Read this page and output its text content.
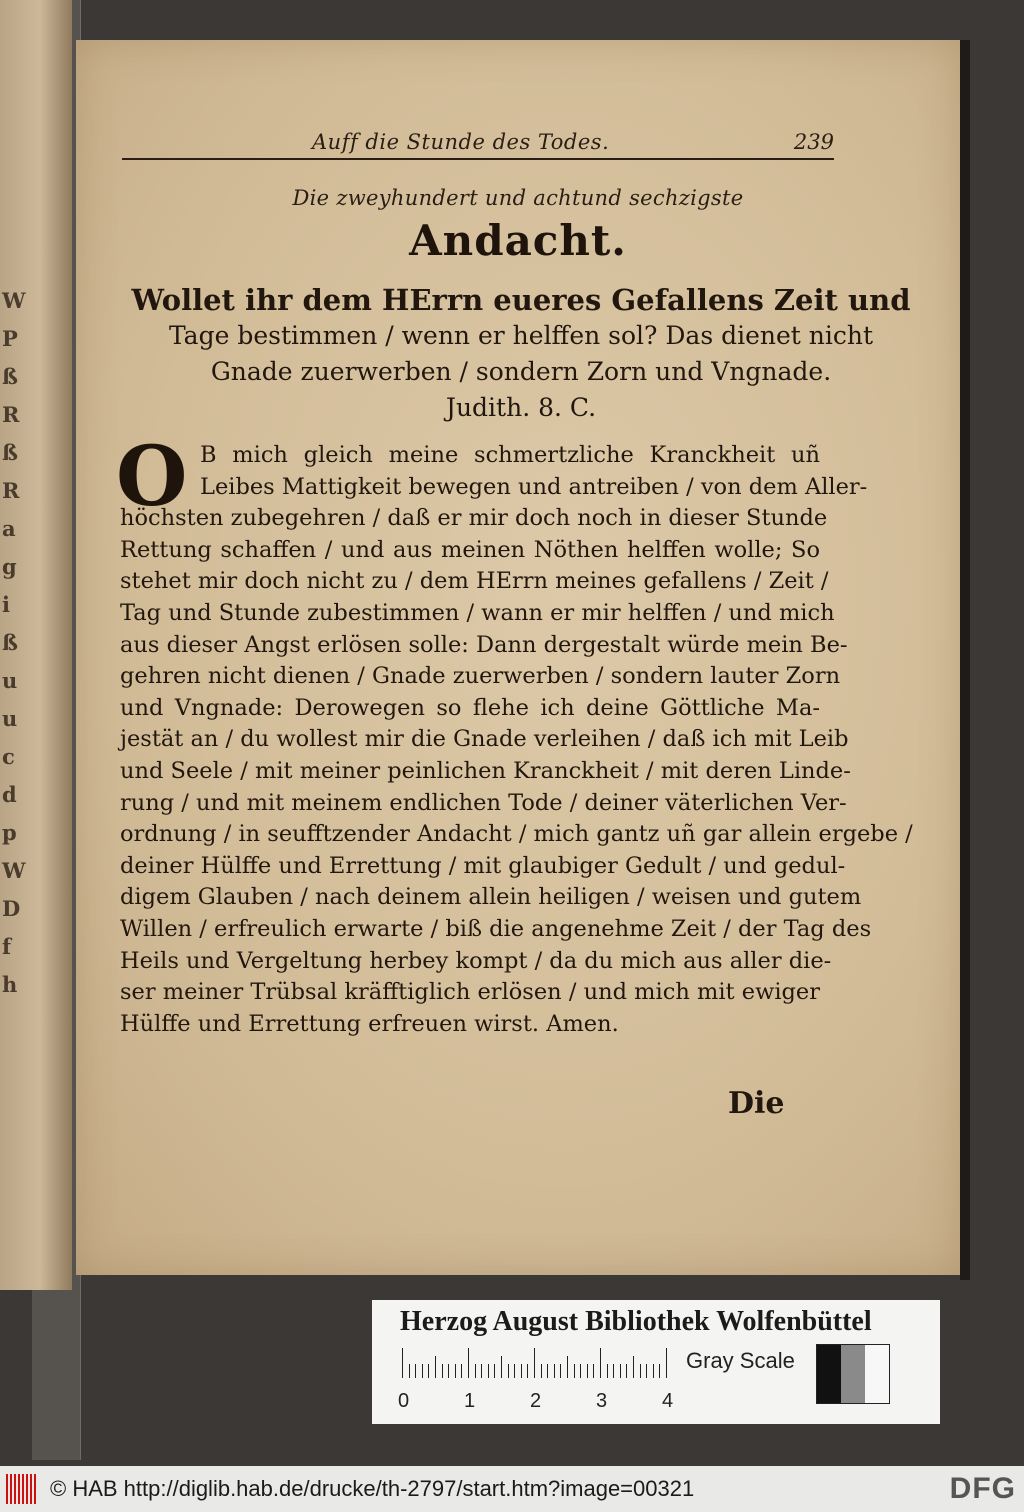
W
P
ß
R
ß
R
a
g
i
ß
u
u
c
d
p
W
D
f
h
Auff die Stunde des Todes.	239
Die zweyhundert und achtund sechzigste
Andacht.
Wollet ihr dem HErrn eueres Gefallens Zeit und
Tage bestimmen / wenn er helffen sol? Das dienet nicht
Gnade zuerwerben / sondern Zorn und Vngnade.
Judith. 8. C.
O B mich gleich meine schmertzliche Kranckheit uñ
Leibes Mattigkeit bewegen und antreiben / von dem Aller-
höchsten zubegehren / daß er mir doch noch in dieser Stunde
Rettung schaffen / und aus meinen Nöthen helffen wolle; So
stehet mir doch nicht zu / dem HErrn meines gefallens / Zeit /
Tag und Stunde zubestimmen / wann er mir helffen / und mich
aus dieser Angst erlösen solle: Dann dergestalt würde mein Be-
gehren nicht dienen / Gnade zuerwerben / sondern lauter Zorn
und Vngnade: Derowegen so flehe ich deine Göttliche Ma-
jestät an / du wollest mir die Gnade verleihen / daß ich mit Leib
und Seele / mit meiner peinlichen Kranckheit / mit deren Linde-
rung / und mit meinem endlichen Tode / deiner väterlichen Ver-
ordnung / in seufftzender Andacht / mich gantz uñ gar allein ergebe /
deiner Hülffe und Errettung / mit glaubiger Gedult / und gedul-
digem Glauben / nach deinem allein heiligen / weisen und gutem
Willen / erfreulich erwarte / biß die angenehme Zeit / der Tag des
Heils und Vergeltung herbey kompt / da du mich aus aller die-
ser meiner Trübsal kräfftiglich erlösen / und mich mit ewiger
Hülffe und Errettung erfreuen wirst. Amen.
Die
Herzog August Bibliothek Wolfenbüttel
0	1	2	3	4
Gray Scale
© HAB http://diglib.hab.de/drucke/th-2797/start.htm?image=00321	DFG
